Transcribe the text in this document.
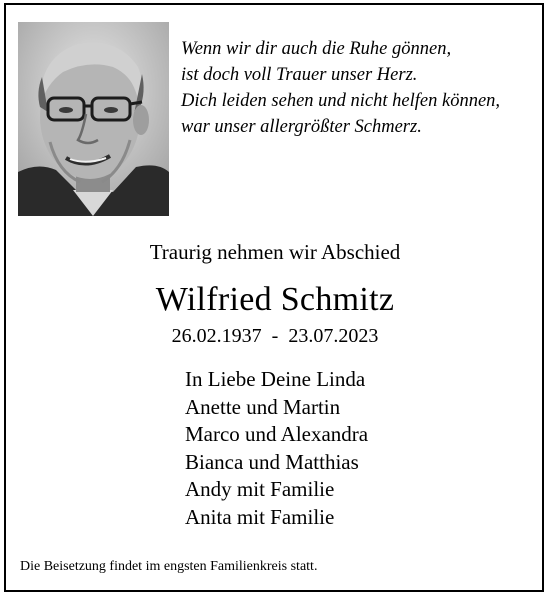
Wenn wir dir auch die Ruhe gönnen,
ist doch voll Trauer unser Herz.
Dich leiden sehen und nicht helfen können,
war unser allergrößter Schmerz.
Traurig nehmen wir Abschied
Wilfried Schmitz
26.02.1937 - 23.07.2023
In Liebe Deine Linda
Anette und Martin
Marco und Alexandra
Bianca und Matthias
Andy mit Familie
Anita mit Familie
Die Beisetzung findet im engsten Familienkreis statt.
